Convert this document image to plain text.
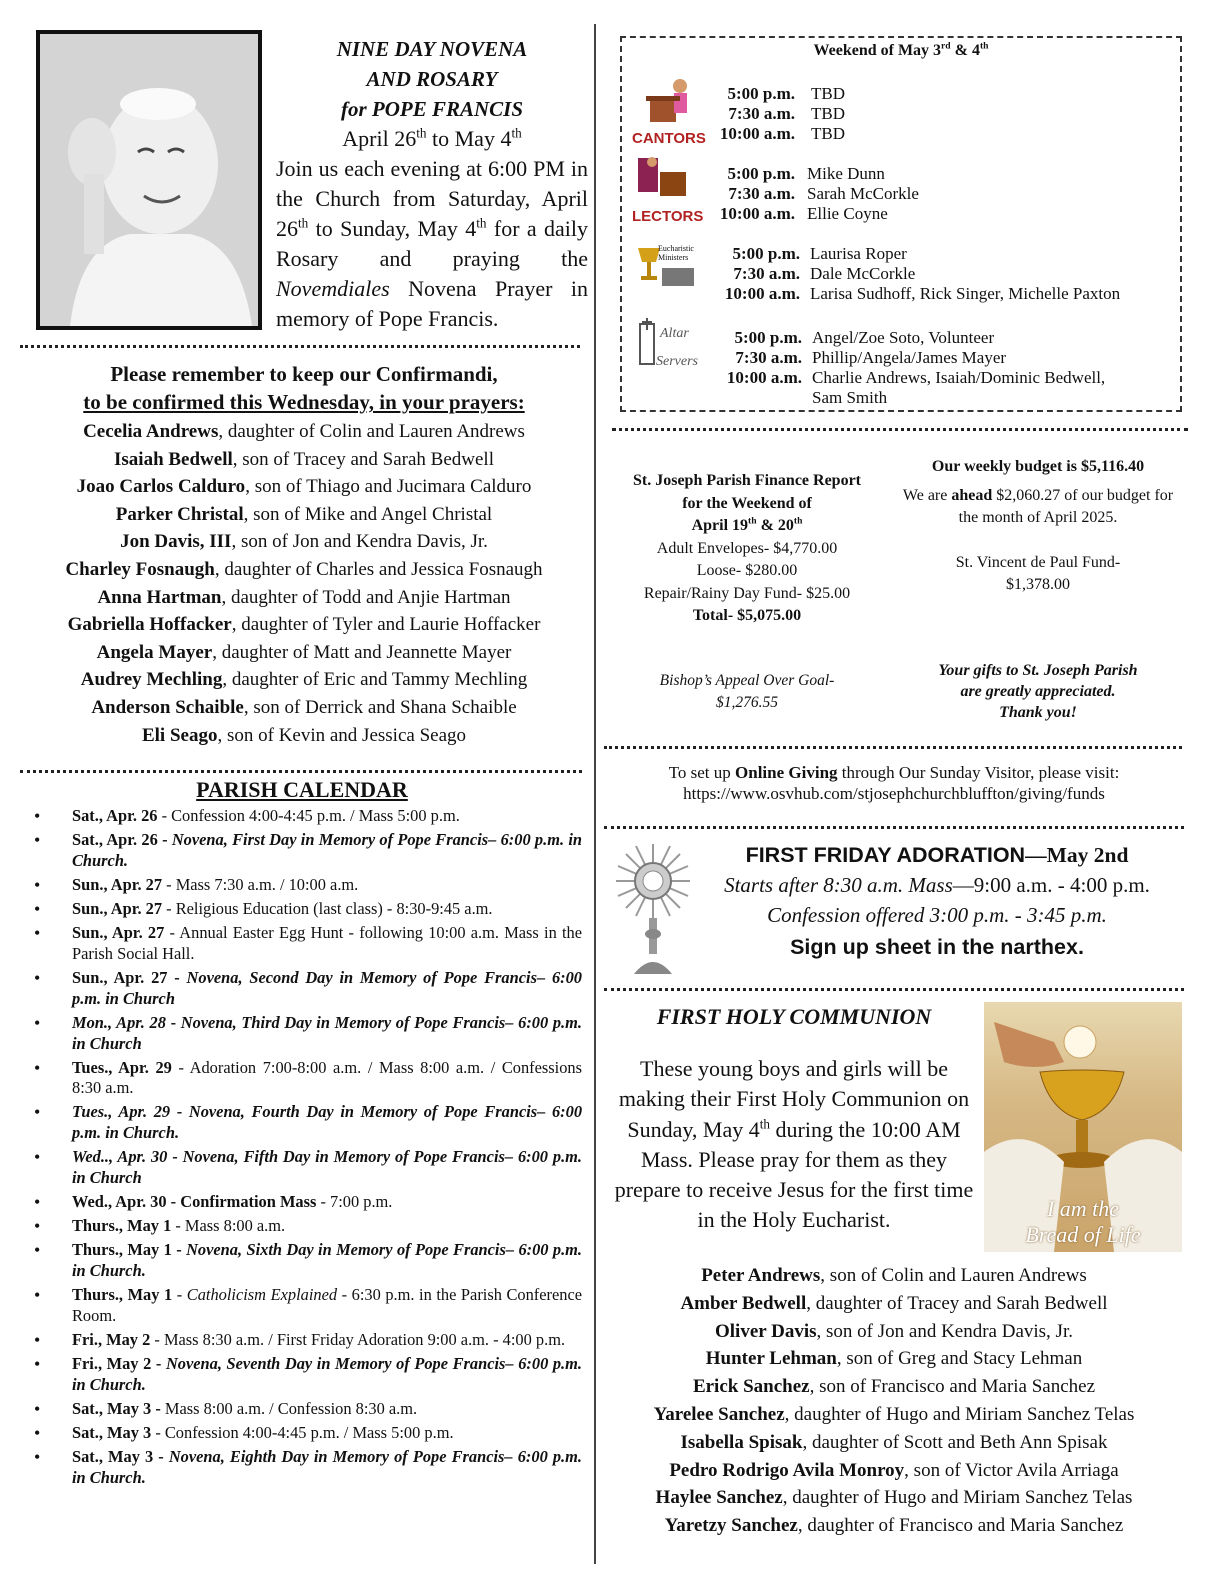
NINE DAY NOVENA
AND ROSARY
for POPE FRANCIS
April 26th to May 4th
Join us each evening at 6:00 PM in the Church from Saturday, April 26th to Sunday, May 4th for a daily Rosary and praying the Novemdiales Novena Prayer in memory of Pope Francis.
Please remember to keep our Confirmandi,
to be confirmed this Wednesday, in your prayers:
Cecelia Andrews, daughter of Colin and Lauren Andrews
Isaiah Bedwell, son of Tracey and Sarah Bedwell
Joao Carlos Calduro, son of Thiago and Jucimara Calduro
Parker Christal, son of Mike and Angel Christal
Jon Davis, III, son of Jon and Kendra Davis, Jr.
Charley Fosnaugh, daughter of Charles and Jessica Fosnaugh
Anna Hartman, daughter of Todd and Anjie Hartman
Gabriella Hoffacker, daughter of Tyler and Laurie Hoffacker
Angela Mayer, daughter of Matt and Jeannette Mayer
Audrey Mechling, daughter of Eric and Tammy Mechling
Anderson Schaible, son of Derrick and Shana Schaible
Eli Seago, son of Kevin and Jessica Seago
PARISH CALENDAR
• Sat., Apr. 26 - Confession 4:00-4:45 p.m. / Mass 5:00 p.m.
• Sat., Apr. 26 - Novena, First Day in Memory of Pope Francis– 6:00 p.m. in Church.
• Sun., Apr. 27 - Mass 7:30 a.m. / 10:00 a.m.
• Sun., Apr. 27 - Religious Education (last class) - 8:30-9:45 a.m.
• Sun., Apr. 27 - Annual Easter Egg Hunt - following 10:00 a.m. Mass in the Parish Social Hall.
• Sun., Apr. 27 - Novena, Second Day in Memory of Pope Francis– 6:00 p.m. in Church
• Mon., Apr. 28 - Novena, Third Day in Memory of Pope Francis– 6:00 p.m. in Church
• Tues., Apr. 29 - Adoration 7:00-8:00 a.m. / Mass 8:00 a.m. / Confessions 8:30 a.m.
• Tues., Apr. 29 - Novena, Fourth Day in Memory of Pope Francis– 6:00 p.m. in Church.
• Wed.., Apr. 30 - Novena, Fifth Day in Memory of Pope Francis– 6:00 p.m. in Church
• Wed., Apr. 30 - Confirmation Mass - 7:00 p.m.
• Thurs., May 1 - Mass 8:00 a.m.
• Thurs., May 1 - Novena, Sixth Day in Memory of Pope Francis– 6:00 p.m. in Church.
• Thurs., May 1 - Catholicism Explained - 6:30 p.m. in the Parish Conference Room.
• Fri., May 2 - Mass 8:30 a.m. / First Friday Adoration 9:00 a.m. - 4:00 p.m.
• Fri., May 2 - Novena, Seventh Day in Memory of Pope Francis– 6:00 p.m. in Church.
• Sat., May 3 - Mass 8:00 a.m. / Confession 8:30 a.m.
• Sat., May 3 - Confession 4:00-4:45 p.m. / Mass 5:00 p.m.
• Sat., May 3 - Novena, Eighth Day in Memory of Pope Francis– 6:00 p.m. in Church.
Weekend of May 3rd & 4th
CANTORS
5:00 p.m. TBD
7:30 a.m. TBD
10:00 a.m. TBD
LECTORS
5:00 p.m. Mike Dunn
7:30 a.m. Sarah McCorkle
10:00 a.m. Ellie Coyne
Eucharistic Ministers	5:00 p.m. Laurisa Roper
7:30 a.m. Dale McCorkle
10:00 a.m. Larisa Sudhoff, Rick Singer, Michelle Paxton
Altar
Servers
5:00 p.m. Angel/Zoe Soto, Volunteer
7:30 a.m. Phillip/Angela/James Mayer
10:00 a.m. Charlie Andrews, Isaiah/Dominic Bedwell,
Sam Smith
St. Joseph Parish Finance Report
for the Weekend of
April 19th & 20th
Adult Envelopes- $4,770.00
Loose- $280.00
Repair/Rainy Day Fund- $25.00
Total- $5,075.00
Our weekly budget is $5,116.40
We are ahead $2,060.27 of our budget for the month of April 2025.
St. Vincent de Paul Fund-
$1,378.00
Bishop’s Appeal Over Goal-
$1,276.55
Your gifts to St. Joseph Parish
are greatly appreciated.
Thank you!
To set up Online Giving through Our Sunday Visitor, please visit:
https://www.osvhub.com/stjosephchurchbluffton/giving/funds
FIRST FRIDAY ADORATION—May 2nd
Starts after 8:30 a.m. Mass—9:00 a.m. - 4:00 p.m.
Confession offered 3:00 p.m. - 3:45 p.m.
Sign up sheet in the narthex.
FIRST HOLY COMMUNION
These young boys and girls will be making their First Holy Communion on Sunday, May 4th during the 10:00 AM Mass. Please pray for them as they prepare to receive Jesus for the first time in the Holy Eucharist.	I am the
Bread of Life
Peter Andrews, son of Colin and Lauren Andrews
Amber Bedwell, daughter of Tracey and Sarah Bedwell
Oliver Davis, son of Jon and Kendra Davis, Jr.
Hunter Lehman, son of Greg and Stacy Lehman
Erick Sanchez, son of Francisco and Maria Sanchez
Yarelee Sanchez, daughter of Hugo and Miriam Sanchez Telas
Isabella Spisak, daughter of Scott and Beth Ann Spisak
Pedro Rodrigo Avila Monroy, son of Victor Avila Arriaga
Haylee Sanchez, daughter of Hugo and Miriam Sanchez Telas
Yaretzy Sanchez, daughter of Francisco and Maria Sanchez
